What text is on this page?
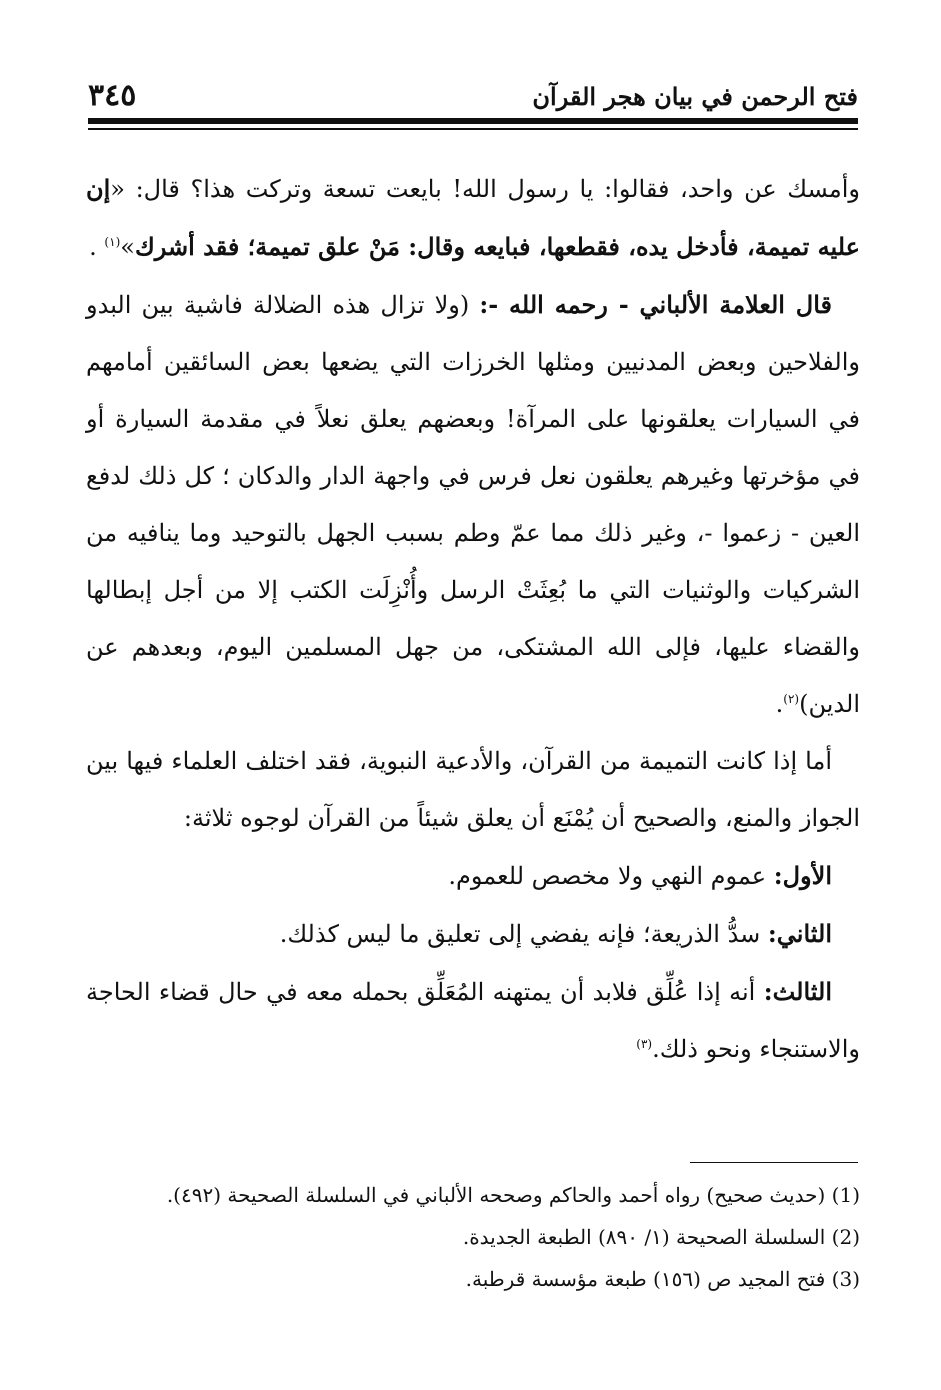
فتح الرحمن في بيان هجر القرآن
٣٤٥

وأمسك عن واحد، فقالوا: يا رسول الله! بايعت تسعة وتركت هذا؟ قال: «إن عليه تميمة، فأدخل يده، فقطعها، فبايعه وقال: مَنْ علق تميمة؛ فقد أشرك»$^{(١)}$ .

قال العلامة الألباني - رحمه الله -: (ولا تزال هذه الضلالة فاشية بين البدو والفلاحين وبعض المدنيين ومثلها الخرزات التي يضعها بعض السائقين أمامهم في السيارات يعلقونها على المرآة! وبعضهم يعلق نعلاً في مقدمة السيارة أو في مؤخرتها وغيرهم يعلقون نعل فرس في واجهة الدار والدكان ؛ كل ذلك لدفع العين - زعموا -، وغير ذلك مما عمّ وطم بسبب الجهل بالتوحيد وما ينافيه من الشركيات والوثنيات التي ما بُعِثَتْ الرسل وأُنْزِلَت الكتب إلا من أجل إبطالها والقضاء عليها، فإلى الله المشتكى، من جهل المسلمين اليوم، وبعدهم عن الدين)$^{(٢)}$.

أما إذا كانت التميمة من القرآن، والأدعية النبوية، فقد اختلف العلماء فيها بين الجواز والمنع، والصحيح أن يُمْنَع أن يعلق شيئاً من القرآن لوجوه ثلاثة:

الأول: عموم النهي ولا مخصص للعموم.

الثاني: سدُّ الذريعة؛ فإنه يفضي إلى تعليق ما ليس كذلك.

الثالث: أنه إذا عُلِّق فلابد أن يمتهنه المُعَلِّق بحمله معه في حال قضاء الحاجة والاستنجاء ونحو ذلك.$^{(٣)}$

(1) (حديث صحيح) رواه أحمد والحاكم وصححه الألباني في السلسلة الصحيحة (٤٩٢).
(2) السلسلة الصحيحة (١/ ٨٩٠) الطبعة الجديدة.
(3) فتح المجيد ص (١٥٦) طبعة مؤسسة قرطبة.
